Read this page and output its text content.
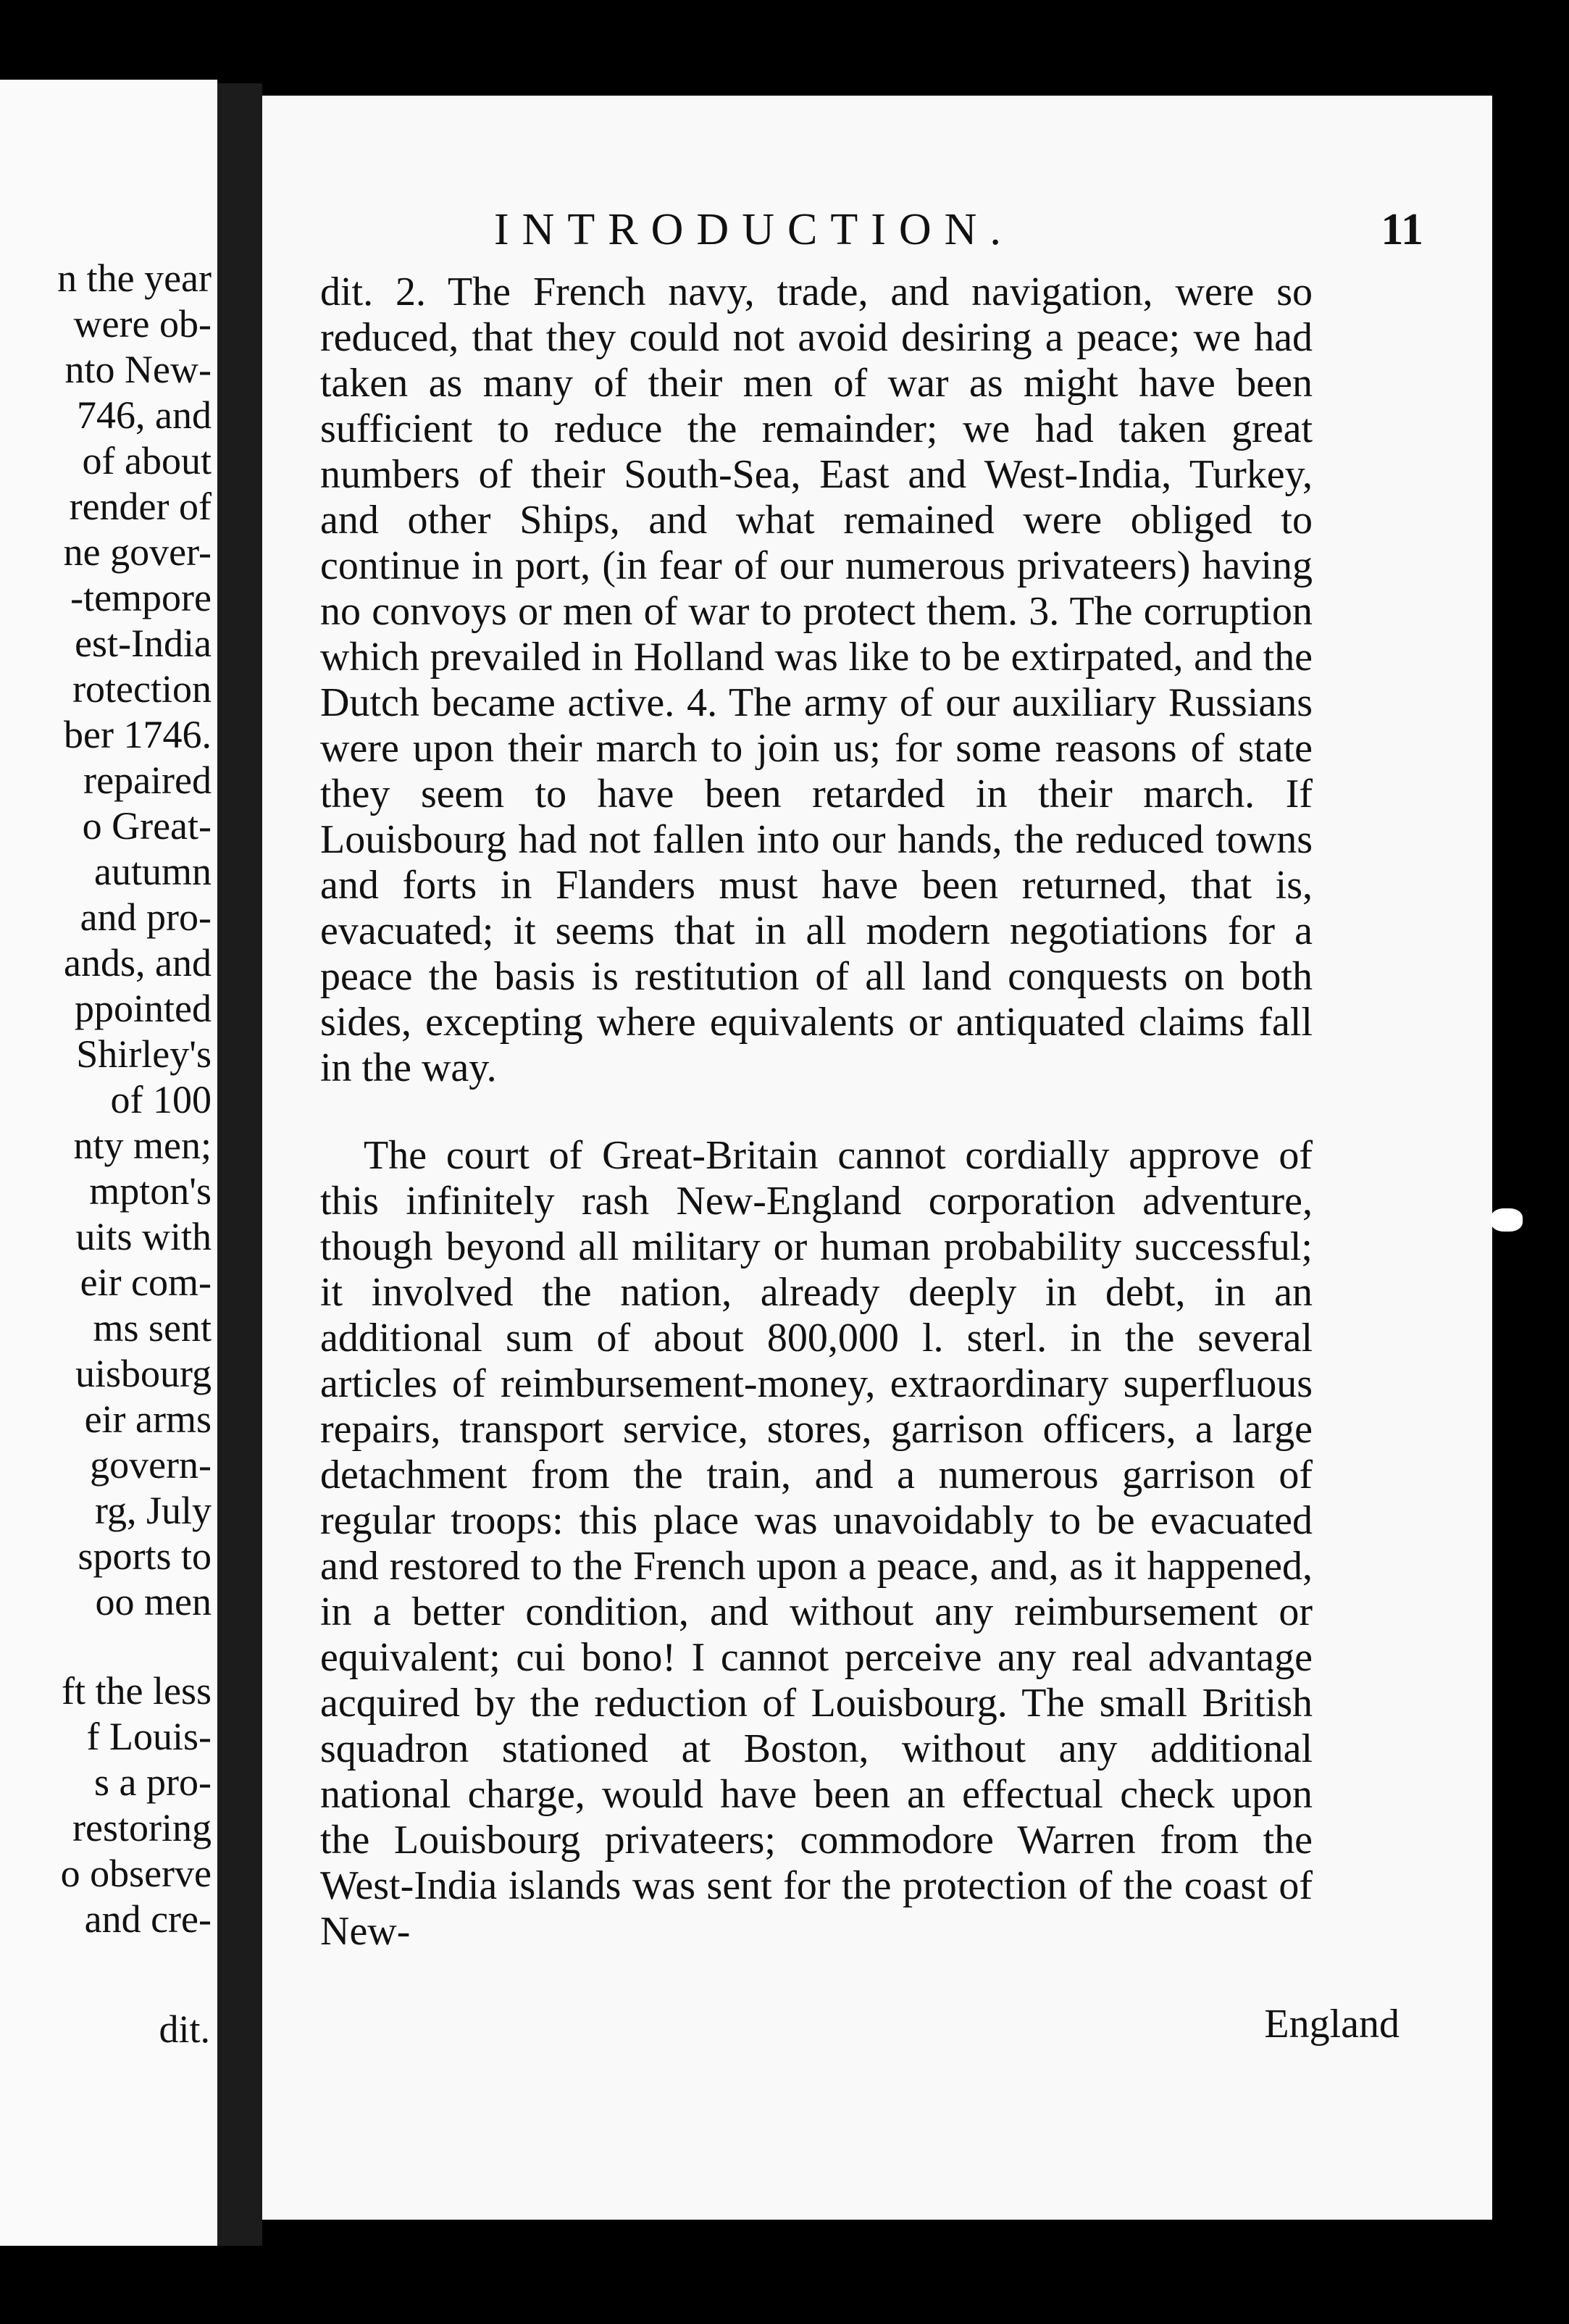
n the year
were ob-
nto New-
746, and
of about
render of
ne gover-
-tempore
est-India
rotection
ber 1746.
repaired
o Great-
autumn
and pro-
ands, and
ppointed
Shirley's
of 100
nty men;
mpton's
uits with
eir com-
ms sent
uisbourg
eir arms
govern-
rg, July
sports to
oo men
ft the less
f Louis-
s a pro-
restoring
o observe
and cre-
dit.
INTRODUCTION.	11

dit. 2. The French navy, trade, and navigation, were so reduced, that they could not avoid desiring a peace; we had taken as many of their men of war as might have been sufficient to reduce the remainder; we had taken great numbers of their South-Sea, East and West-India, Turkey, and other Ships, and what remained were obliged to continue in port, (in fear of our numerous privateers) having no convoys or men of war to protect them. 3. The corruption which prevailed in Holland was like to be extirpated, and the Dutch became active. 4. The army of our auxiliary Russians were upon their march to join us; for some reasons of state they seem to have been retarded in their march. If Louisbourg had not fallen into our hands, the reduced towns and forts in Flanders must have been returned, that is, evacuated; it seems that in all modern negotiations for a peace the basis is restitution of all land conquests on both sides, excepting where equivalents or antiquated claims fall in the way.

The court of Great-Britain cannot cordially approve of this infinitely rash New-England corporation adventure, though beyond all military or human probability successful; it involved the nation, already deeply in debt, in an additional sum of about 800,000 l. sterl. in the several articles of reimbursement-money, extraordinary superfluous repairs, transport service, stores, garrison officers, a large detachment from the train, and a numerous garrison of regular troops: this place was unavoidably to be evacuated and restored to the French upon a peace, and, as it happened, in a better condition, and without any reimbursement or equivalent; cui bono! I cannot perceive any real advantage acquired by the reduction of Louisbourg. The small British squadron stationed at Boston, without any additional national charge, would have been an effectual check upon the Louisbourg privateers; commodore Warren from the West-India islands was sent for the protection of the coast of New-

England
